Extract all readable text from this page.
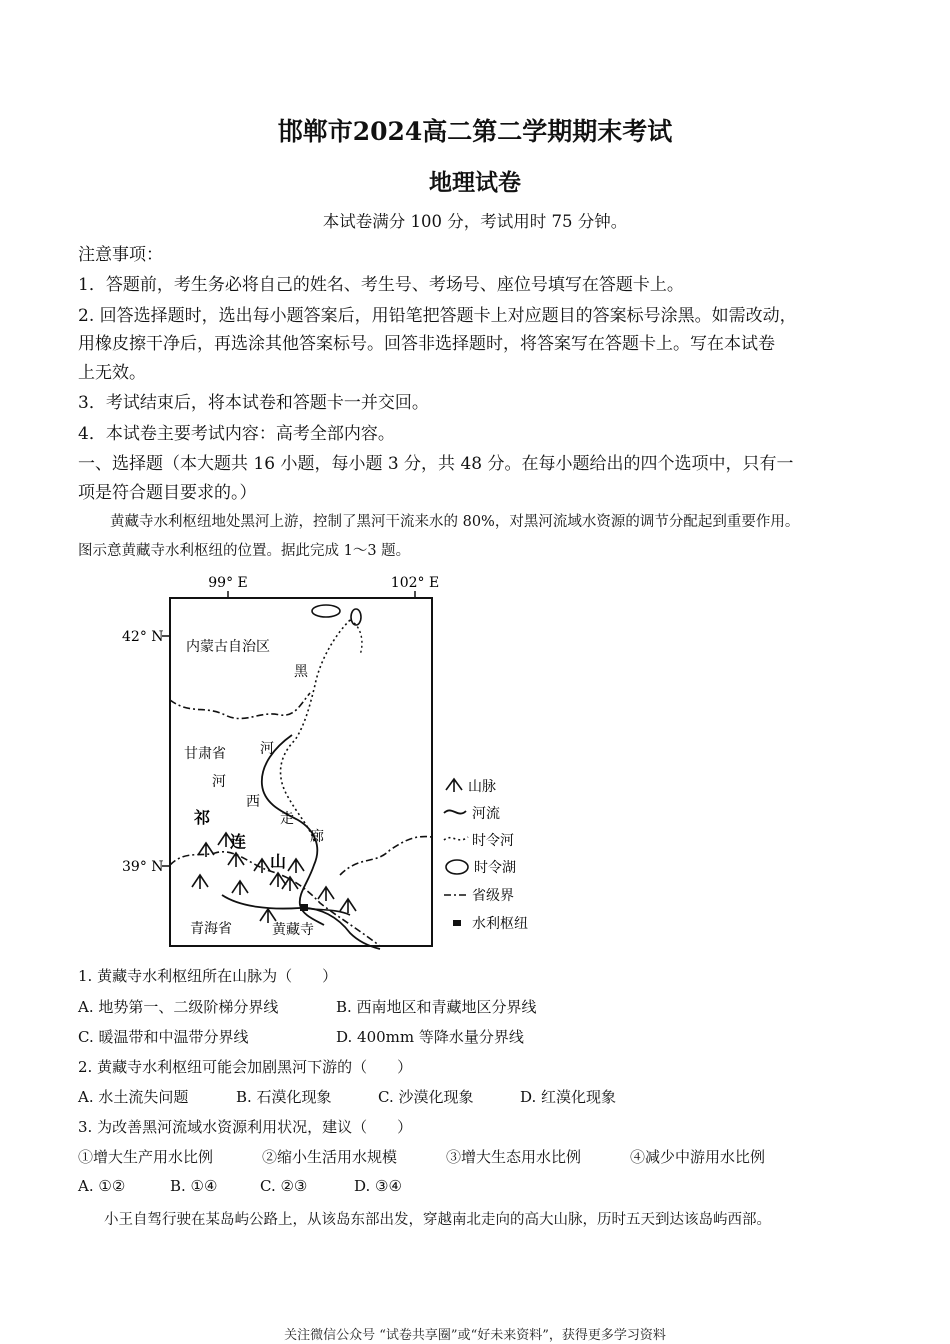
邯郸市2024高二第二学期期末考试
地理试卷
本试卷满分 100 分，考试用时 75 分钟。
注意事项：
1．答题前，考生务必将自己的姓名、考生号、考场号、座位号填写在答题卡上。
2. 回答选择题时，选出每小题答案后，用铅笔把答题卡上对应题目的答案标号涂黑。如需改动，
用橡皮擦干净后，再选涂其他答案标号。回答非选择题时，将答案写在答题卡上。写在本试卷
上无效。
3．考试结束后，将本试卷和答题卡一并交回。
4．本试卷主要考试内容：高考全部内容。
一、选择题（本大题共 16 小题，每小题 3 分，共 48 分。在每小题给出的四个选项中，只有一
项是符合题目要求的。）
黄藏寺水利枢纽地处黑河上游，控制了黑河干流来水的 80%，对黑河流域水资源的调节分配起到重要作用。
图示意黄藏寺水利枢纽的位置。据此完成 1～3 题。
99° E	102° E
42° N
39° N
内蒙古自治区
甘肃省
青海省
黑
河
河
西
走
廊
祁
连
山
黄藏寺
山脉
河流
时令河
时令湖
省级界
水利枢纽
1. 黄藏寺水利枢纽所在山脉为（　　）
A. 地势第一、二级阶梯分界线	B. 西南地区和青藏地区分界线
C. 暖温带和中温带分界线	D. 400mm 等降水量分界线
2. 黄藏寺水利枢纽可能会加剧黑河下游的（　　）
A. 水土流失问题	B. 石漠化现象	C. 沙漠化现象	D. 红漠化现象
3. 为改善黑河流域水资源利用状况，建议（　　）
①增大生产用水比例	②缩小生活用水规模	③增大生态用水比例	④减少中游用水比例
A. ①②	B. ①④	C. ②③	D. ③④
小王自驾行驶在某岛屿公路上，从该岛东部出发，穿越南北走向的高大山脉，历时五天到达该岛屿西部。
关注微信公众号 “试卷共享圈”或“好未来资料”，获得更多学习资料
